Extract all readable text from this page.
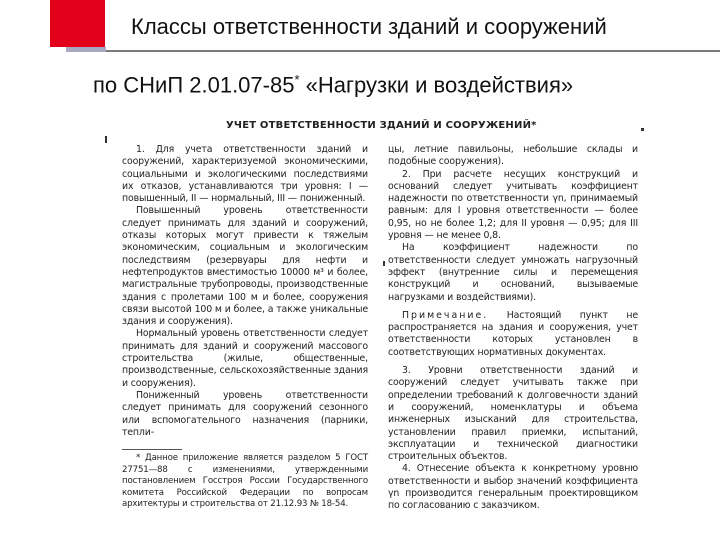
Классы ответственности зданий и сооружений
по СНиП 2.01.07-85* «Нагрузки и воздействия»
УЧЕТ ОТВЕТСТВЕННОСТИ ЗДАНИЙ И СООРУЖЕНИЙ*

1. Для учета ответственности зданий и сооружений, характеризуемой экономическими, социальными и экологическими последствиями их отказов, устанавливаются три уровня: I — повышенный, II — нормальный, III — пониженный.

Повышенный уровень ответственности следует принимать для зданий и сооружений, отказы которых могут привести к тяжелым экономическим, социальным и экологическим последствиям (резервуары для нефти и нефтепродуктов вместимостью 10000 м³ и более, магистральные трубопроводы, производственные здания с пролетами 100 м и более, сооружения связи высотой 100 м и более, а также уникальные здания и сооружения).

Нормальный уровень ответственности следует принимать для зданий и сооружений массового строительства (жилые, общественные, производственные, сельскохозяйственные здания и сооружения).

Пониженный уровень ответственности следует принимать для сооружений сезонного или вспомогательного назначения (парники, тепли-

* Данное приложение является разделом 5 ГОСТ 27751—88 с изменениями, утвержденными постановлением Госстроя России Государственного комитета Российской Федерации по вопросам архитектуры и строительства от 21.12.93 № 18-54.

цы, летние павильоны, небольшие склады и подобные сооружения).

2. При расчете несущих конструкций и оснований следует учитывать коэффициент надежности по ответственности γn, принимаемый равным: для I уровня ответственности — более 0,95, но не более 1,2; для II уровня — 0,95; для III уровня — не менее 0,8.

На коэффициент надежности по ответственности следует умножать нагрузочный эффект (внутренние силы и перемещения конструкций и оснований, вызываемые нагрузками и воздействиями).

Примечание. Настоящий пункт не распространяется на здания и сооружения, учет ответственности которых установлен в соответствующих нормативных документах.

3. Уровни ответственности зданий и сооружений следует учитывать также при определении требований к долговечности зданий и сооружений, номенклатуры и объема инженерных изысканий для строительства, установлении правил приемки, испытаний, эксплуатации и технической диагностики строительных объектов.

4. Отнесение объекта к конкретному уровню ответственности и выбор значений коэффициента γn производится генеральным проектировщиком по согласованию с заказчиком.
